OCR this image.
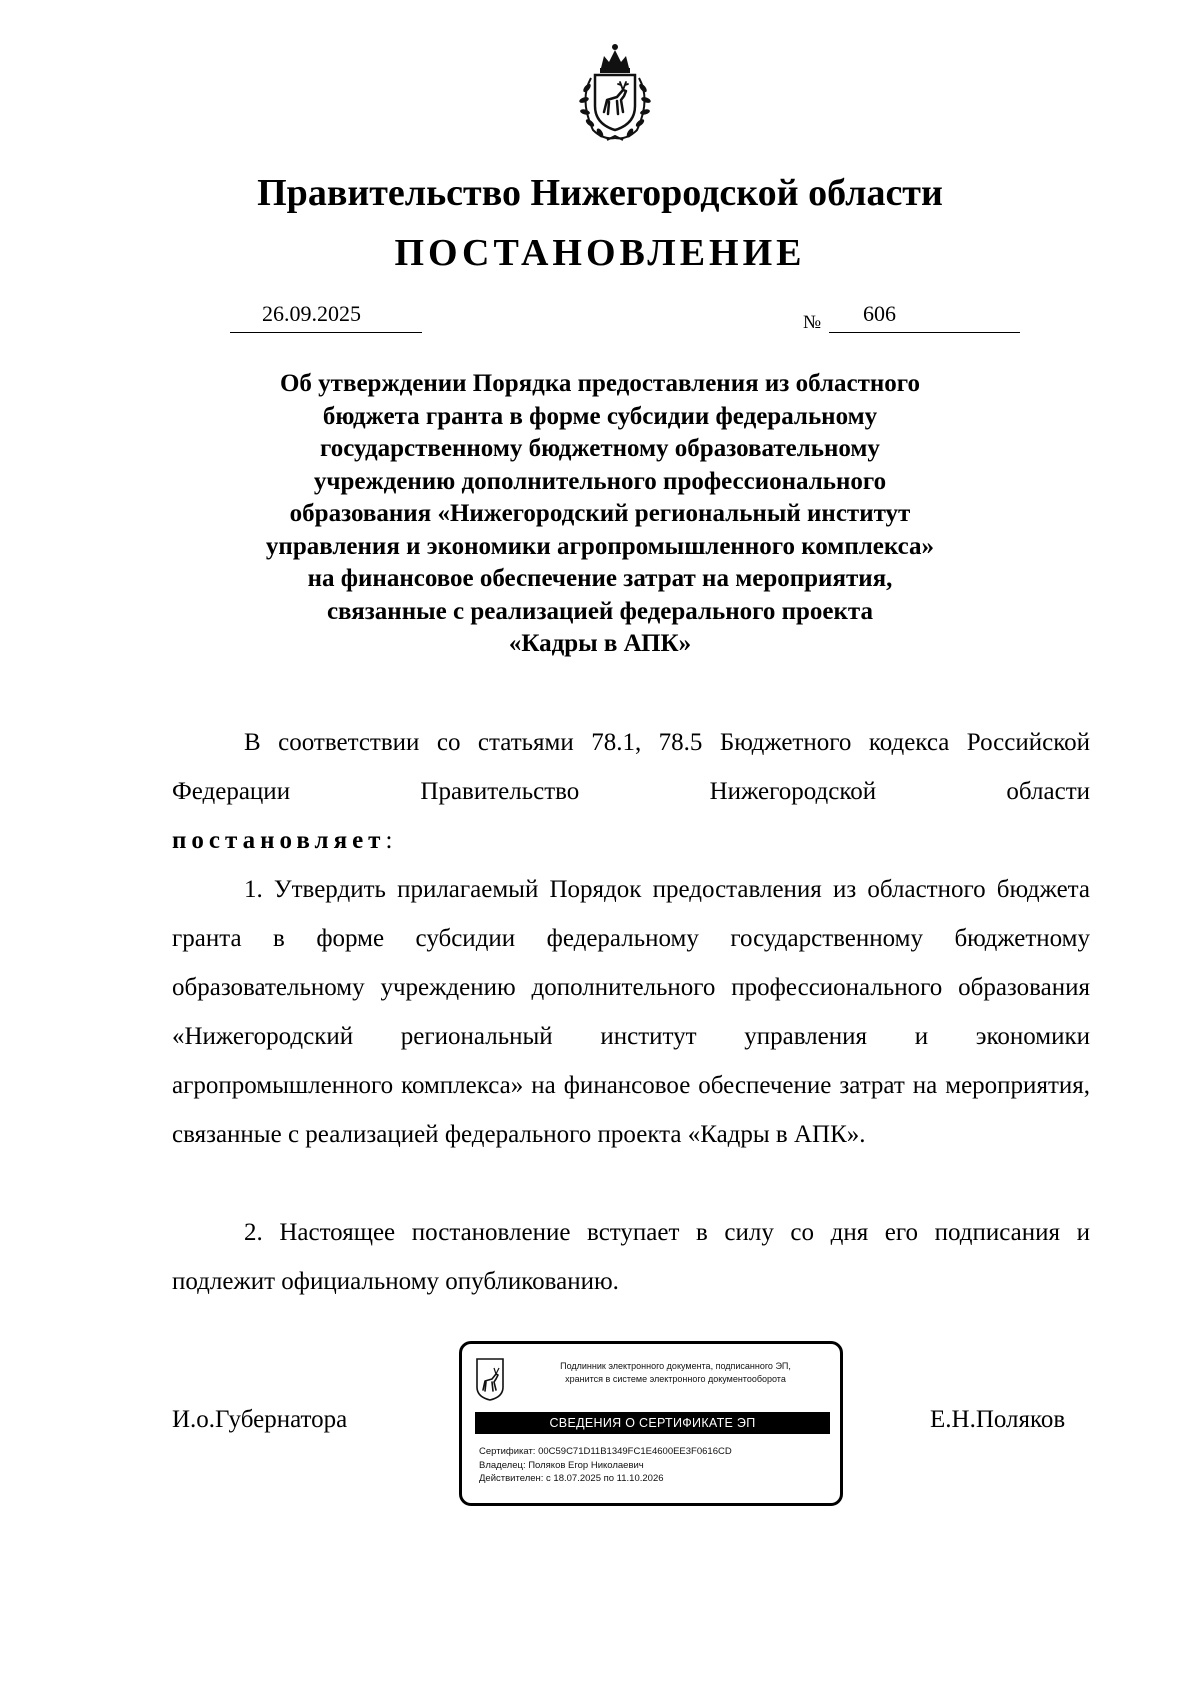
Правительство Нижегородской области
ПОСТАНОВЛЕНИЕ
26.09.2025	№	606
Об утверждении Порядка предоставления из областного
бюджета гранта в форме субсидии федеральному
государственному бюджетному образовательному
учреждению дополнительного профессионального
образования «Нижегородский региональный институт
управления и экономики агропромышленного комплекса»
на финансовое обеспечение затрат на мероприятия,
связанные с реализацией федерального проекта
«Кадры в АПК»

В соответствии со статьями 78.1, 78.5 Бюджетного кодекса Российской Федерации Правительство Нижегородской области

постановляет:

1. Утвердить прилагаемый Порядок предоставления из областного бюджета гранта в форме субсидии федеральному государственному бюджетному образовательному учреждению дополнительного профессионального образования «Нижегородский региональный институт управления и экономики агропромышленного комплекса» на финансовое обеспечение затрат на мероприятия, связанные с реализацией федерального проекта «Кадры в АПК».

2. Настоящее постановление вступает в силу со дня его подписания и подлежит официальному опубликованию.

И.о.Губернатора	Е.Н.Поляков
Подлинник электронного документа, подписанного ЭП,
хранится в системе электронного документооборота
СВЕДЕНИЯ О СЕРТИФИКАТЕ ЭП
Сертификат: 00C59C71D11B1349FC1E4600EE3F0616CD
Владелец: Поляков Егор Николаевич
Действителен: с 18.07.2025 по 11.10.2026
